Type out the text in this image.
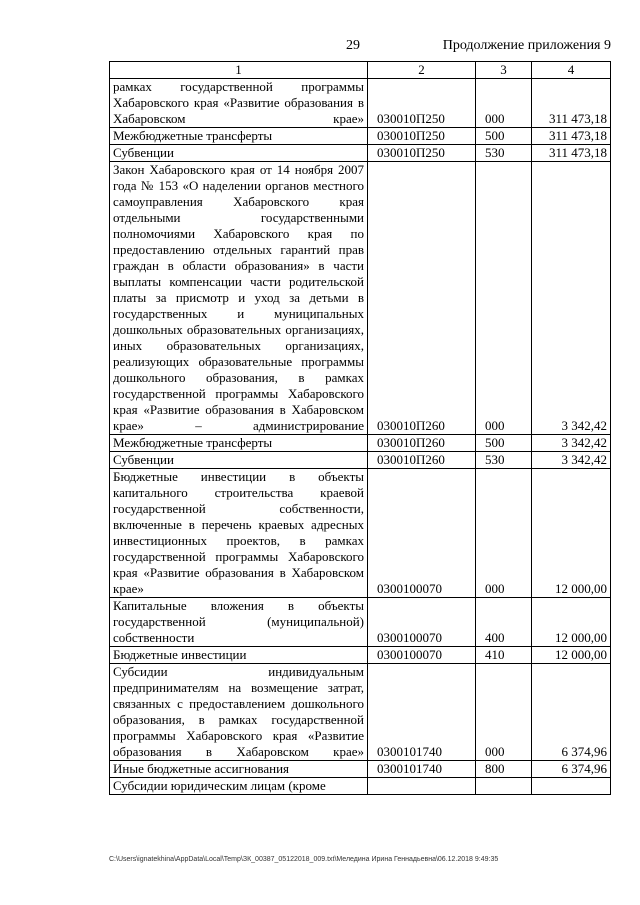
29	Продолжение приложения 9
1	2	3	4
рамках государственной программы Хабаровского края «Развитие образования в Хабаровском крае»	030010П250	000	311 473,18
Межбюджетные трансферты	030010П250	500	311 473,18
Субвенции	030010П250	530	311 473,18
Закон Хабаровского края от 14 ноября 2007 года № 153 «О наделении органов местного самоуправления Хабаровского края отдельными государственными полномочиями Хабаровского края по предоставлению отдельных гарантий прав граждан в области образования» в части выплаты компенсации части родительской платы за присмотр и уход за детьми в государственных и муниципальных дошкольных образовательных организациях, иных образовательных организациях, реализующих образовательные программы дошкольного образования, в рамках государственной программы Хабаровского края «Развитие образования в Хабаровском крае» – администрирование	030010П260	000	3 342,42
Межбюджетные трансферты	030010П260	500	3 342,42
Субвенции	030010П260	530	3 342,42
Бюджетные инвестиции в объекты капитального строительства краевой государственной собственности, включенные в перечень краевых адресных инвестиционных проектов, в рамках государственной программы Хабаровского края «Развитие образования в Хабаровском крае»	0300100070	000	12 000,00
Капитальные вложения в объекты государственной (муниципальной) собственности	0300100070	400	12 000,00
Бюджетные инвестиции	0300100070	410	12 000,00
Субсидии индивидуальным предпринимателям на возмещение затрат, связанных с предоставлением дошкольного образования, в рамках государственной программы Хабаровского края «Развитие образования в Хабаровском крае»	0300101740	000	6 374,96
Иные бюджетные ассигнования	0300101740	800	6 374,96
Субсидии юридическим лицам (кроме			
C:\Users\ignatekhina\AppData\Local\Temp\ЗК_00387_05122018_009.txt\Меледина Ирина Геннадьевна\06.12.2018 9:49:35
